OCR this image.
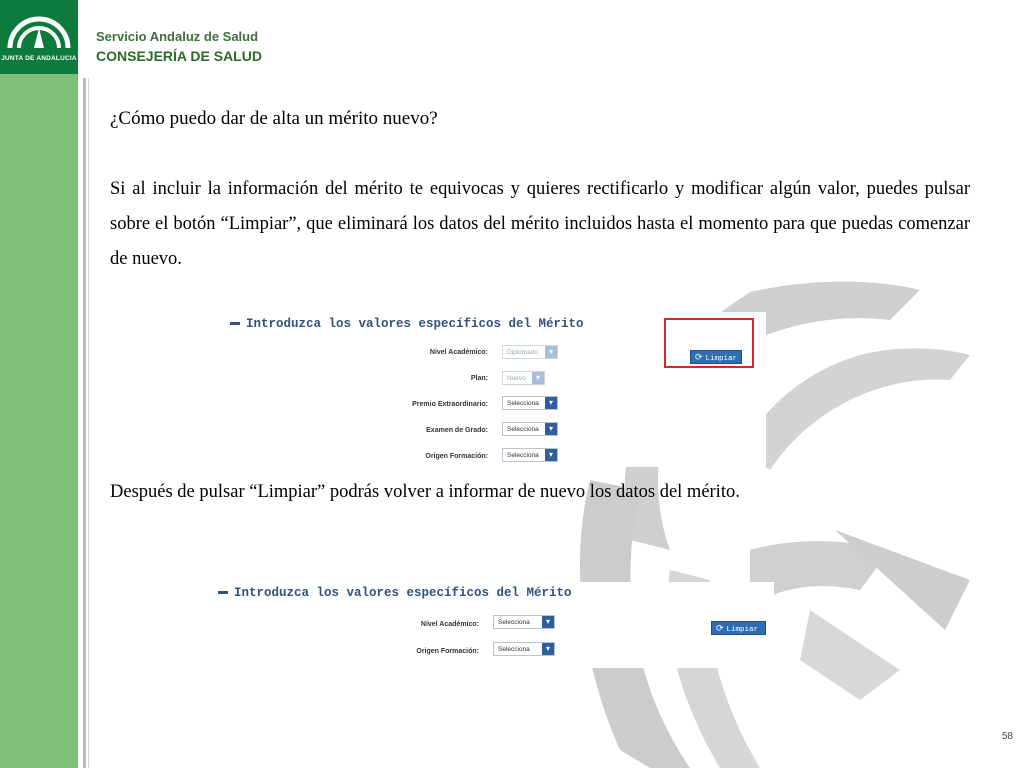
JUNTA DE ANDALUCIA
Servicio Andaluz de Salud
CONSEJERÍA DE SALUD
¿Cómo puedo dar de alta un mérito nuevo?
Si al incluir la información del mérito te equivocas y quieres rectificarlo y modificar algún valor, puedes pulsar sobre el botón “Limpiar”, que eliminará los datos del mérito incluidos hasta el momento para que puedas comenzar de nuevo.
Introduzca los valores específicos del Mérito
Nivel Académico:	Diplomado	▾
Plan:	Nuevo	▾
Premio Extraordinario:	Selecciona	▾
Examen de Grado:	Selecciona	▾
Origen Formación:	Selecciona	▾
⟳ Limpiar
Después de pulsar “Limpiar” podrás volver a informar de nuevo los datos del mérito.
Introduzca los valores específicos del Mérito
Nivel Académico:	Selecciona	▾
Origen Formación:	Selecciona	▾
⟳ Limpiar
58
